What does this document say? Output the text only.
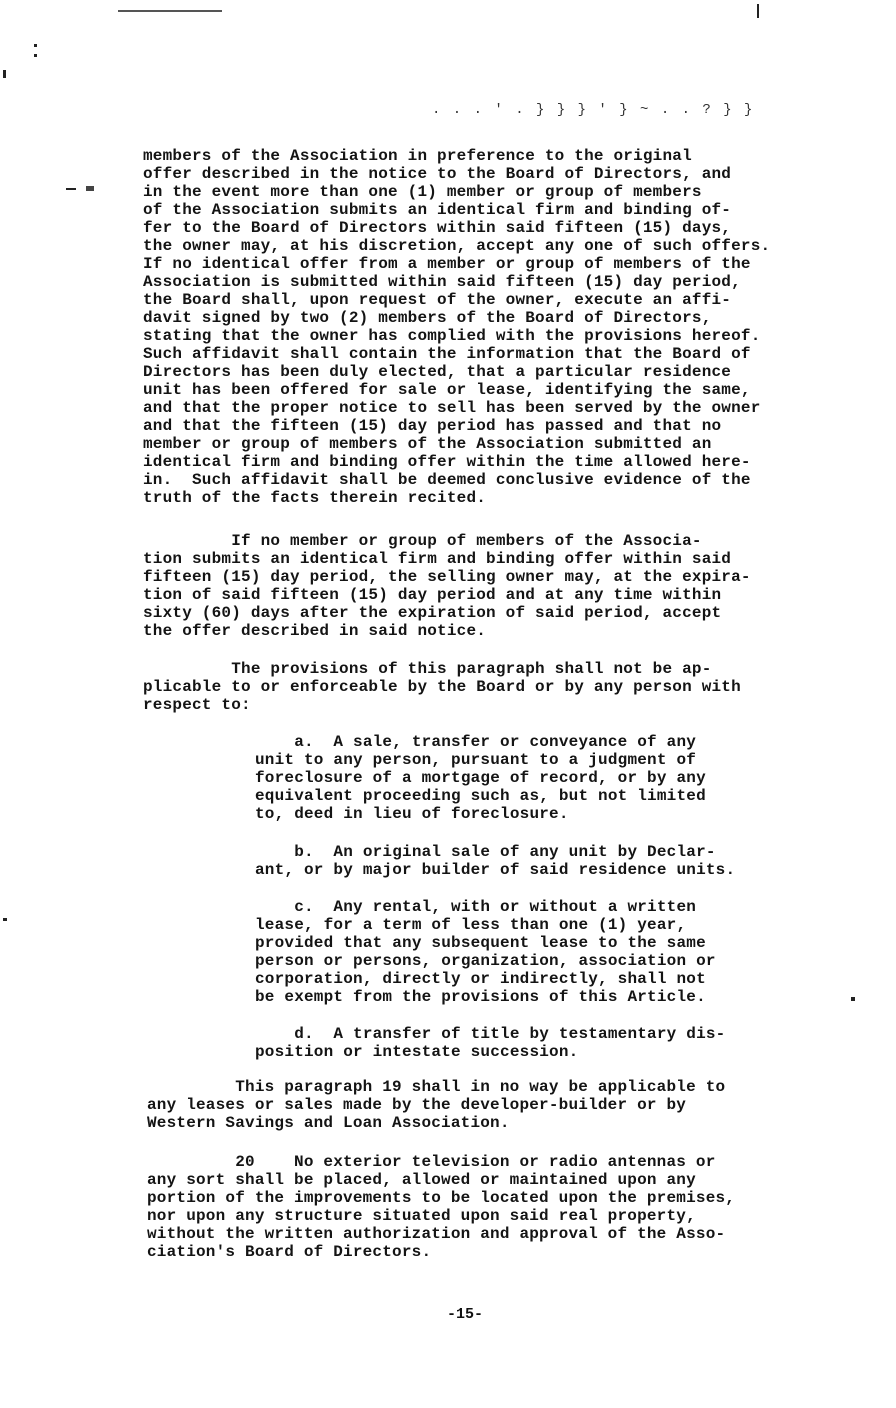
. . . ' . } } } ' } ~ . . ? } }
members of the Association in preference to the original
offer described in the notice to the Board of Directors, and
in the event more than one (1) member or group of members
of the Association submits an identical firm and binding of-
fer to the Board of Directors within said fifteen (15) days,
the owner may, at his discretion, accept any one of such offers.
If no identical offer from a member or group of members of the
Association is submitted within said fifteen (15) day period,
the Board shall, upon request of the owner, execute an affi-
davit signed by two (2) members of the Board of Directors,
stating that the owner has complied with the provisions hereof.
Such affidavit shall contain the information that the Board of
Directors has been duly elected, that a particular residence
unit has been offered for sale or lease, identifying the same,
and that the proper notice to sell has been served by the owner
and that the fifteen (15) day period has passed and that no
member or group of members of the Association submitted an
identical firm and binding offer within the time allowed here-
in.  Such affidavit shall be deemed conclusive evidence of the
truth of the facts therein recited.
If no member or group of members of the Associa-
tion submits an identical firm and binding offer within said
fifteen (15) day period, the selling owner may, at the expira-
tion of said fifteen (15) day period and at any time within
sixty (60) days after the expiration of said period, accept
the offer described in said notice.
The provisions of this paragraph shall not be ap-
plicable to or enforceable by the Board or by any person with
respect to:
a.  A sale, transfer or conveyance of any
unit to any person, pursuant to a judgment of
foreclosure of a mortgage of record, or by any
equivalent proceeding such as, but not limited
to, deed in lieu of foreclosure.
b.  An original sale of any unit by Declar-
ant, or by major builder of said residence units.
c.  Any rental, with or without a written
lease, for a term of less than one (1) year,
provided that any subsequent lease to the same
person or persons, organization, association or
corporation, directly or indirectly, shall not
be exempt from the provisions of this Article.
d.  A transfer of title by testamentary dis-
position or intestate succession.
This paragraph 19 shall in no way be applicable to
any leases or sales made by the developer-builder or by
Western Savings and Loan Association.
20    No exterior television or radio antennas or
any sort shall be placed, allowed or maintained upon any
portion of the improvements to be located upon the premises,
nor upon any structure situated upon said real property,
without the written authorization and approval of the Asso-
ciation's Board of Directors.
-15-
